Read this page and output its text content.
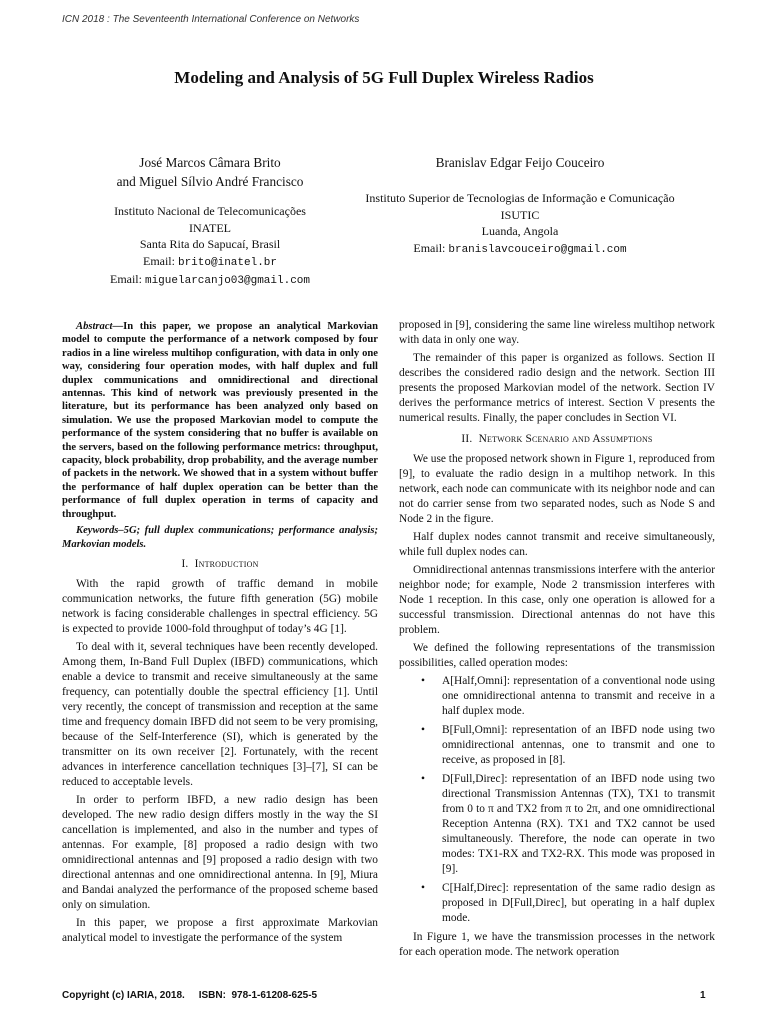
ICN 2018 : The Seventeenth International Conference on Networks
Modeling and Analysis of 5G Full Duplex Wireless Radios
José Marcos Câmara Brito
and Miguel Sílvio André Francisco
Instituto Nacional de Telecomunicações
INATEL
Santa Rita do Sapucaí, Brasil
Email: brito@inatel.br
Email: miguelarcanjo03@gmail.com
Branislav Edgar Feijo Couceiro
Instituto Superior de Tecnologias de Informação e Comunicação
ISUTIC
Luanda, Angola
Email: branislavcouceiro@gmail.com

Abstract—In this paper, we propose an analytical Markovian model to compute the performance of a network composed by four radios in a line wireless multihop configuration, with data in only one way, considering four operation modes, with half duplex and full duplex communications and omnidirectional and directional antennas. This kind of network was previously presented in the literature, but its performance has been analyzed only based on simulation. We use the proposed Markovian model to compute the performance of the system considering that no buffer is available on the servers, based on the following performance metrics: throughput, capacity, block probability, drop probability, and the average number of packets in the network. We showed that in a system without buffer the performance of half duplex operation can be better than the performance of full duplex operation in terms of capacity and throughput.

Keywords–5G; full duplex communications; performance analysis; Markovian models.

I. Introduction

With the rapid growth of traffic demand in mobile communication networks, the future fifth generation (5G) mobile network is facing considerable challenges in spectral efficiency. 5G is expected to provide 1000-fold throughput of today’s 4G [1].

To deal with it, several techniques have been recently developed. Among them, In-Band Full Duplex (IBFD) communications, which enable a device to transmit and receive simultaneously at the same frequency, can potentially double the spectral efficiency [1]. Until very recently, the concept of transmission and reception at the same time and frequency domain IBFD did not seem to be very promising, because of the Self-Interference (SI), which is generated by the transmitter on its own receiver [2]. Fortunately, with the recent advances in interference cancellation techniques [3]–[7], SI can be reduced to acceptable levels.

In order to perform IBFD, a new radio design has been developed. The new radio design differs mostly in the way the SI cancellation is implemented, and also in the number and types of antennas. For example, [8] proposed a radio design with two omnidirectional antennas and [9] proposed a radio design with two directional antennas and one omnidirectional antenna. In [9], Miura and Bandai analyzed the performance of the proposed scheme based only on simulation.

In this paper, we propose a first approximate Markovian analytical model to investigate the performance of the system

proposed in [9], considering the same line wireless multihop network with data in only one way.

The remainder of this paper is organized as follows. Section II describes the considered radio design and the network. Section III presents the proposed Markovian model of the network. Section IV derives the performance metrics of interest. Section V presents the numerical results. Finally, the paper concludes in Section VI.

II. Network Scenario and Assumptions

We use the proposed network shown in Figure 1, reproduced from [9], to evaluate the radio design in a multihop network. In this network, each node can communicate with its neighbor node and can not do carrier sense from two separated nodes, such as Node S and Node 2 in the figure.

Half duplex nodes cannot transmit and receive simultaneously, while full duplex nodes can.

Omnidirectional antennas transmissions interfere with the anterior neighbor node; for example, Node 2 transmission interferes with Node 1 reception. In this case, only one operation is allowed for a successful transmission. Directional antennas do not have this problem.

We defined the following representations of the transmission possibilities, called operation modes:

• A[Half,Omni]: representation of a conventional node using one omnidirectional antenna to transmit and receive in a half duplex mode.
• B[Full,Omni]: representation of an IBFD node using two omnidirectional antennas, one to transmit and one to receive, as proposed in [8].
• D[Full,Direc]: representation of an IBFD node using two directional Transmission Antennas (TX), TX1 to transmit from 0 to π and TX2 from π to 2π, and one omnidirectional Reception Antenna (RX). TX1 and TX2 cannot be used simultaneously. Therefore, the node can operate in two modes: TX1-RX and TX2-RX. This mode was proposed in [9].
• C[Half,Direc]: representation of the same radio design as proposed in D[Full,Direc], but operating in a half duplex mode.

In Figure 1, we have the transmission processes in the network for each operation mode. The network operation

Copyright (c) IARIA, 2018.     ISBN:  978-1-61208-625-5	1
